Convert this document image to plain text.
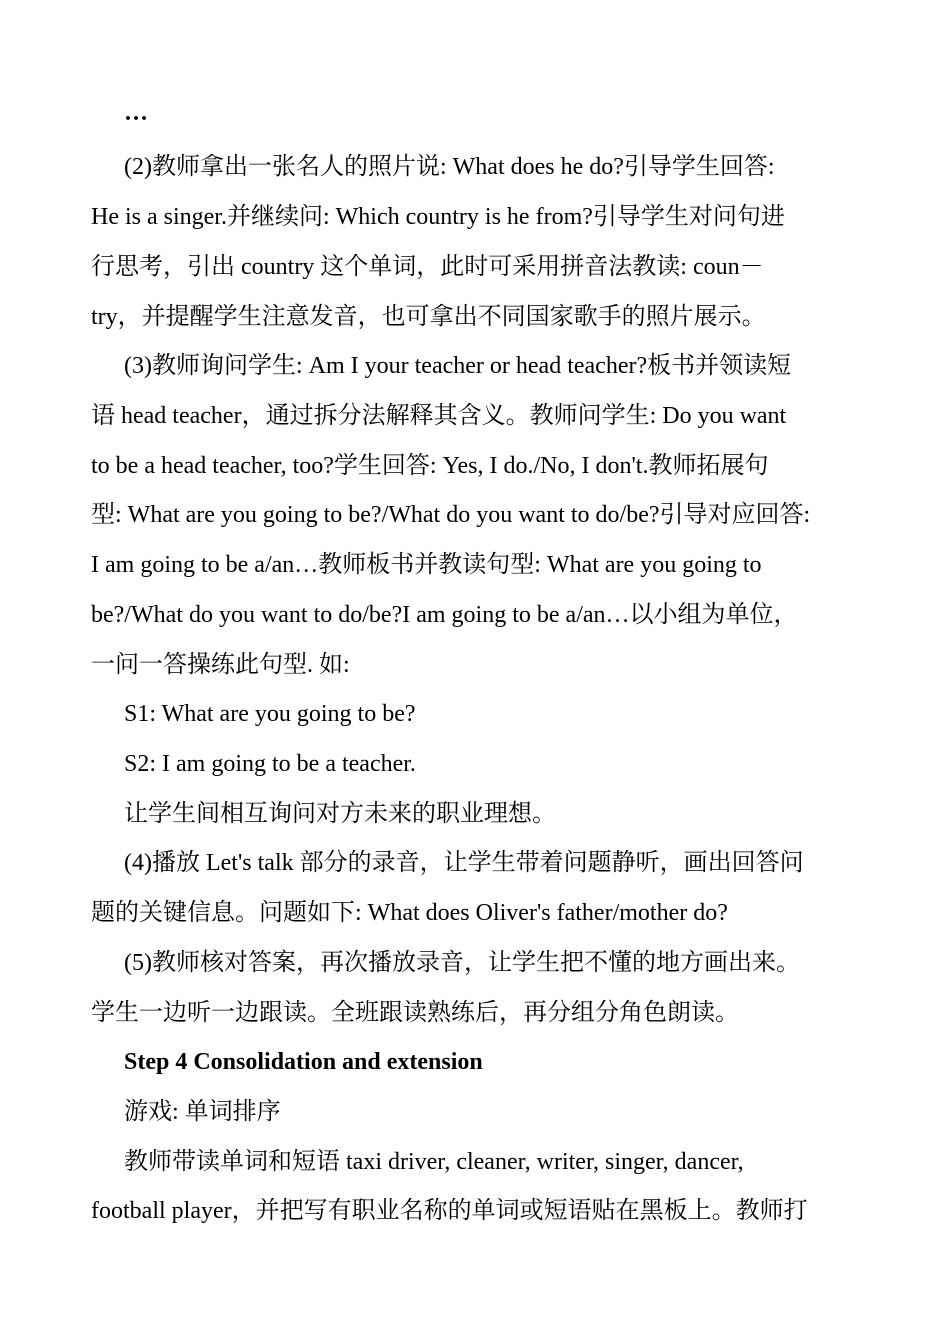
…
(2)教师拿出一张名人的照片说: What does he do?引导学生回答:
He is a singer.并继续问: Which country is he from?引导学生对问句进
行思考，引出 country 这个单词，此时可采用拼音法教读: coun－
try，并提醒学生注意发音，也可拿出不同国家歌手的照片展示。
(3)教师询问学生: Am I your teacher or head teacher?板书并领读短
语 head teacher，通过拆分法解释其含义。教师问学生: Do you want
to be a head teacher, too?学生回答: Yes, I do./No, I don't.教师拓展句
型: What are you going to be?/What do you want to do/be?引导对应回答:
I am going to be a/an…教师板书并教读句型: What are you going to
be?/What do you want to do/be?I am going to be a/an…以小组为单位，
一问一答操练此句型. 如:
S1: What are you going to be?
S2: I am going to be a teacher.
让学生间相互询问对方未来的职业理想。
(4)播放 Let's talk 部分的录音，让学生带着问题静听，画出回答问
题的关键信息。问题如下: What does Oliver's father/mother do?
(5)教师核对答案，再次播放录音，让学生把不懂的地方画出来。
学生一边听一边跟读。全班跟读熟练后，再分组分角色朗读。
Step 4 Consolidation and extension
游戏: 单词排序
教师带读单词和短语 taxi driver, cleaner, writer, singer, dancer,
football player，并把写有职业名称的单词或短语贴在黑板上。教师打
